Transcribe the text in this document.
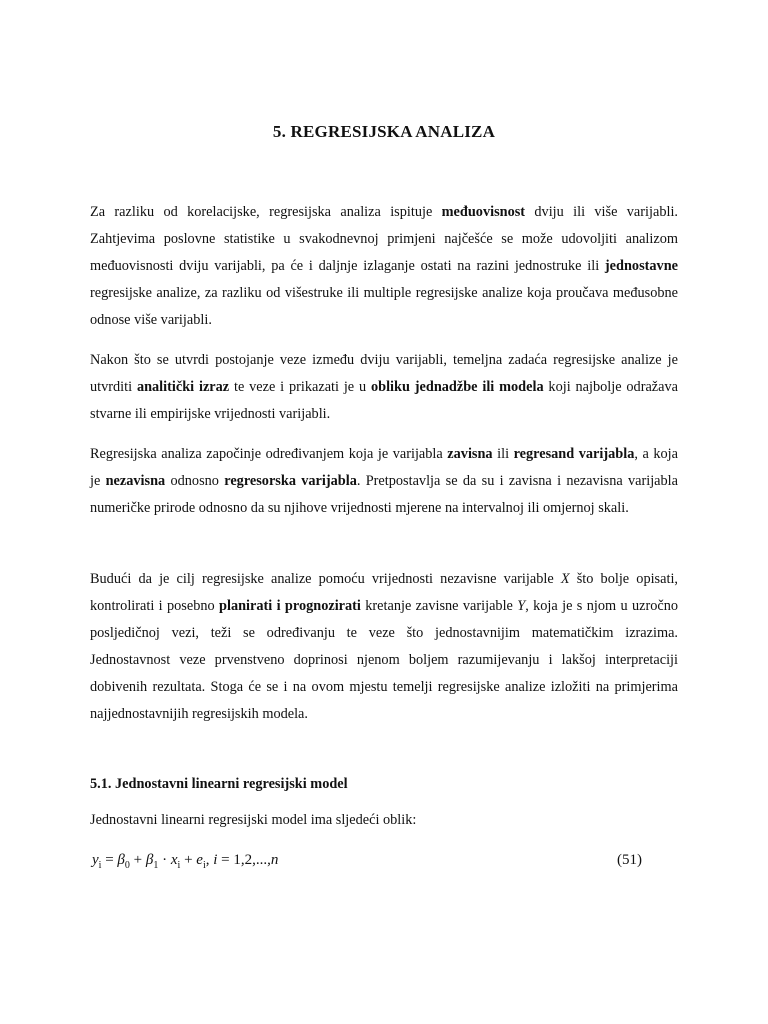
5. REGRESIJSKA ANALIZA
Za razliku od korelacijske, regresijska analiza ispituje međuovisnost dviju ili više varijabli. Zahtjevima poslovne statistike u svakodnevnoj primjeni najčešće se može udovoljiti analizom međuovisnosti dviju varijabli, pa će i daljnje izlaganje ostati na razini jednostruke ili jednostavne regresijske analize, za razliku od višestruke ili multiple regresijske analize koja proučava međusobne odnose više varijabli.
Nakon što se utvrdi postojanje veze između dviju varijabli, temeljna zadaća regresijske analize je utvrditi analitički izraz te veze i prikazati je u obliku jednadžbe ili modela koji najbolje odražava stvarne ili empirijske vrijednosti varijabli.
Regresijska analiza započinje određivanjem koja je varijabla zavisna ili regresand varijabla, a koja je nezavisna odnosno regresorska varijabla. Pretpostavlja se da su i zavisna i nezavisna varijabla numeričke prirode odnosno da su njihove vrijednosti mjerene na intervalnoj ili omjernoj skali.
Budući da je cilj regresijske analize pomoću vrijednosti nezavisne varijable X što bolje opisati, kontrolirati i posebno planirati i prognozirati kretanje zavisne varijable Y, koja je s njom u uzročno posljedičnoj vezi, teži se određivanju te veze što jednostavnijim matematičkim izrazima. Jednostavnost veze prvenstveno doprinosi njenom boljem razumijevanju i lakšoj interpretaciji dobivenih rezultata. Stoga će se i na ovom mjestu temelji regresijske analize izložiti na primjerima najjednostavnijih regresijskih modela.
5.1. Jednostavni linearni regresijski model
Jednostavni linearni regresijski model ima sljedeći oblik:
$y_i = \beta_0 + \beta_1 \cdot x_i + e_i$, i = 1,2,...,n	(51)
